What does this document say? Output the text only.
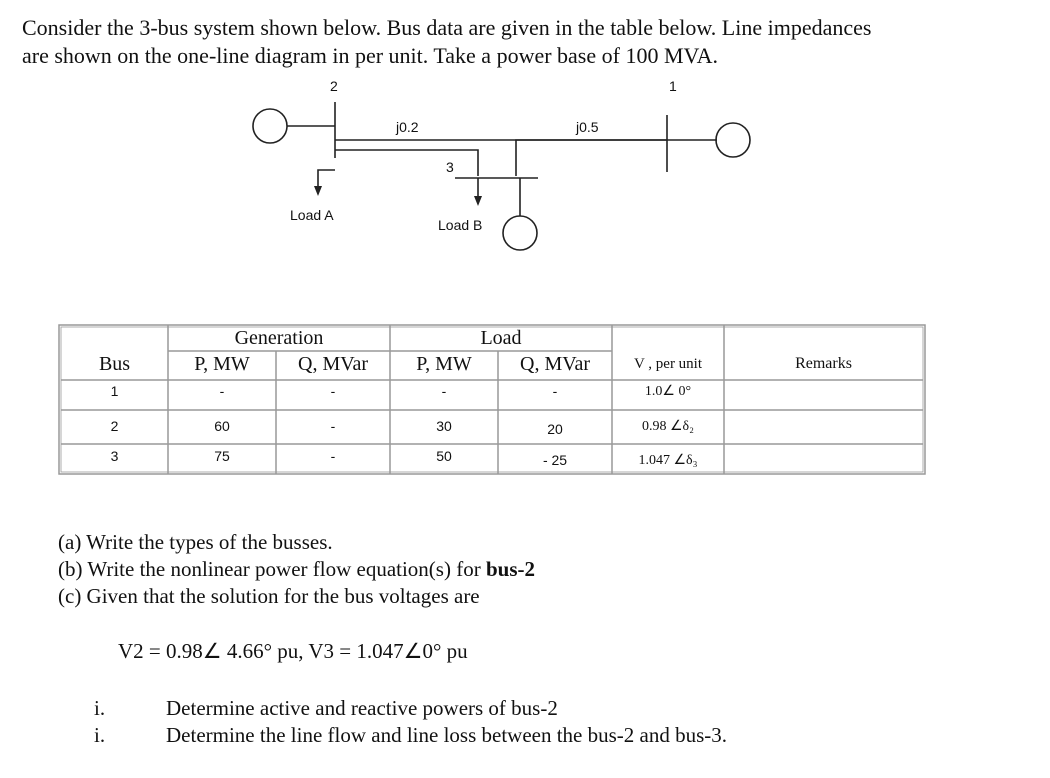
Consider the 3-bus system shown below. Bus data are given in the table below. Line impedances
are shown on the one-line diagram in per unit. Take a power base of 100 MVA.
2	1
3
j0.2	j0.5
Load A
Load B
Generation	Load
Bus	P, MW	Q, MVar	P, MW	Q, MVar	V , per unit	Remarks
1	-	-	-	-	1.0∠ 0°
2	60	-	30	20	0.98 ∠δ₂
3	75	-	50	- 25	1.047 ∠δ₃
(a) Write the types of the busses.
(b) Write the nonlinear power flow equation(s) for bus-2
(c) Given that the solution for the bus voltages are
V2 = 0.98∠ 4.66° pu, V3 = 1.047∠0° pu
i.	Determine active and reactive powers of bus-2
i.	Determine the line flow and line loss between the bus-2 and bus-3.
